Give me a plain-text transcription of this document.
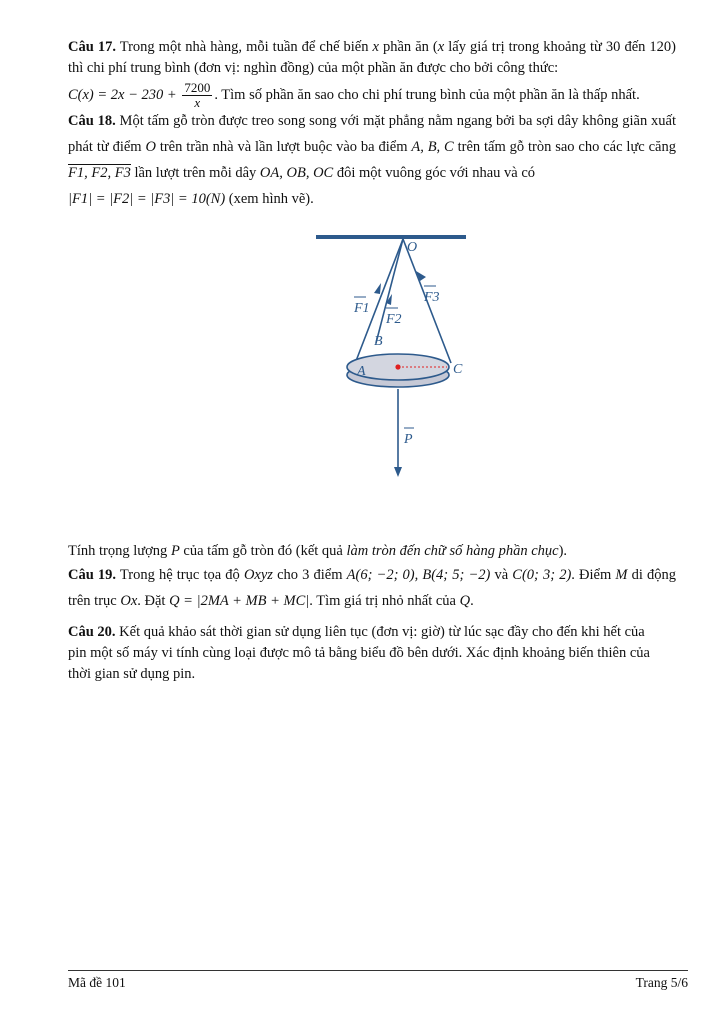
Câu 17. Trong một nhà hàng, mỗi tuần để chế biến x phần ăn (x lấy giá trị trong khoảng từ 30 đến 120) thì chi phí trung bình (đơn vị: nghìn đồng) của một phần ăn được cho bởi công thức:
$C(x) = 2x - 230 + \frac{7200}{x}$ . Tìm số phần ăn sao cho chi phí trung bình của một phần ăn là thấp nhất.
Câu 18. Một tấm gỗ tròn được treo song song với mặt phẳng nằm ngang bởi ba sợi dây không giãn xuất phát từ điểm O trên trần nhà và lần lượt buộc vào ba điểm A, B, C trên tấm gỗ tròn sao cho các lực căng F1, F2, F3 lần lượt trên mỗi dây OA, OB, OC đôi một vuông góc với nhau và có
|F1| = |F2| = |F3| = 10(N) (xem hình vẽ).
O
F1
F2
F3
B
A	C
P
Tính trọng lượng P của tấm gỗ tròn đó (kết quả làm tròn đến chữ số hàng phần chục).
Câu 19. Trong hệ trục tọa độ Oxyz cho 3 điểm A(6; −2; 0), B(4; 5; −2) và C(0; 3; 2). Điểm M di động trên trục Ox. Đặt Q = |2MA + MB + MC|. Tìm giá trị nhỏ nhất của Q.
Câu 20. Kết quả khảo sát thời gian sử dụng liên tục (đơn vị: giờ) từ lúc sạc đầy cho đến khi hết của pin một số máy vi tính cùng loại được mô tả bằng biểu đồ bên dưới. Xác định khoảng biến thiên của thời gian sử dụng pin.
Mã đề 101	Trang 5/6
